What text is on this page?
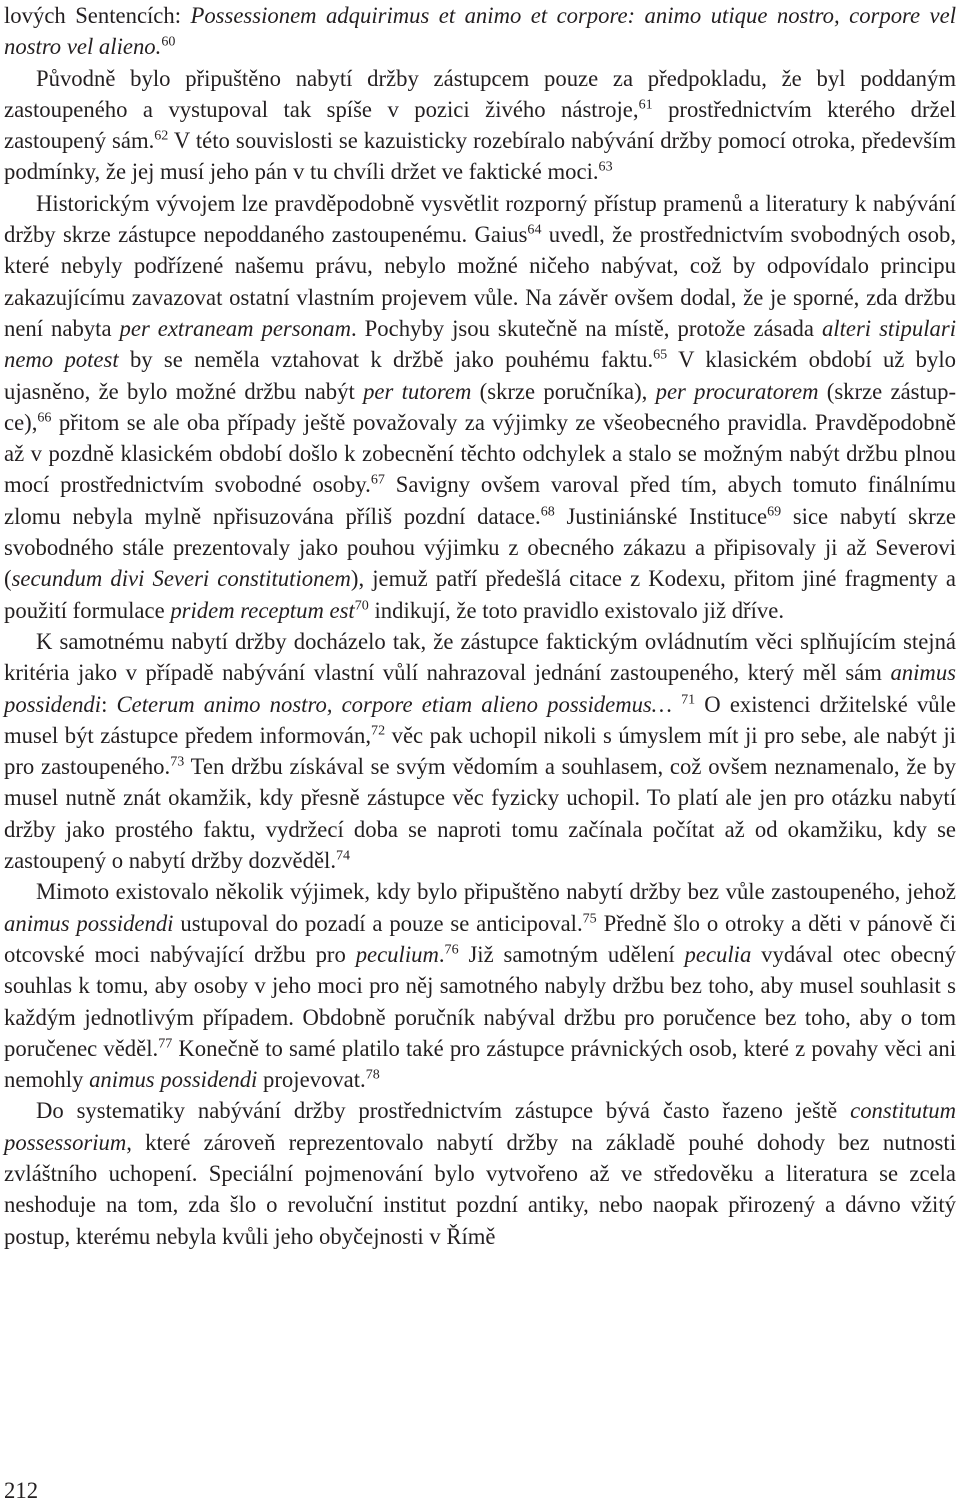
lových Sentencích: Possessionem adquirimus et animo et corpore: animo utique nostro, corpore vel nostro vel alieno.$^{60}$

Původně bylo připuštěno nabytí držby zástupcem pouze za předpokladu, že byl poddaným zastoupeného a vystupoval tak spíše v pozici živého nástroje,$^{61}$ prostřednictvím kterého držel zastoupený sám.$^{62}$ V této souvislosti se kazuisticky rozebíralo nabývání držby pomocí otroka, především podmínky, že jej musí jeho pán v tu chvíli držet ve faktické moci.$^{63}$

Historickým vývojem lze pravděpodobně vysvětlit rozporný přístup pramenů a literatury k nabývání držby skrze zástupce nepoddaného zastoupenému. Gaius$^{64}$ uvedl, že prostřednictvím svobodných osob, které nebyly podřízené našemu právu, nebylo možné ničeho nabývat, což by odpovídalo principu zakazujícímu zavazovat ostatní vlastním projevem vůle. Na závěr ovšem dodal, že je sporné, zda držbu není nabyta per extraneam personam. Pochyby jsou skutečně na místě, protože zásada alteri stipulari nemo potest by se neměla vztahovat k držbě jako pouhému faktu.$^{65}$ V klasickém období už bylo ujasněno, že bylo možné držbu nabýt per tutorem (skrze poručníka), per procuratorem (skrze zástupce),$^{66}$ přitom se ale oba případy ještě považovaly za výjimky ze všeobecného pravidla. Pravděpodobně až v pozdně klasickém období došlo k zobecnění těchto odchylek a stalo se možným nabýt držbu plnou mocí prostřednictvím svobodné osoby.$^{67}$ Savigny ovšem varoval před tím, abych tomuto finálnímu zlomu nebyla mylně npřisuzována příliš pozdní datace.$^{68}$ Justiniánské Instituce$^{69}$ sice nabytí skrze svobodného stále prezentovaly jako pouhou výjimku z obecného zákazu a připisovaly ji až Severovi (secundum divi Severi constitutionem), jemuž patří předešlá citace z Kodexu, přitom jiné fragmenty a použití formulace pridem receptum est$^{70}$ indikují, že toto pravidlo existovalo již dříve.

K samotnému nabytí držby docházelo tak, že zástupce faktickým ovládnutím věci splňujícím stejná kritéria jako v případě nabývání vlastní vůlí nahrazoval jednání zastoupeného, který měl sám animus possidendi: Ceterum animo nostro, corpore etiam alieno possidemus… $^{71}$ O existenci držitelské vůle musel být zástupce předem informován,$^{72}$ věc pak uchopil nikoli s úmyslem mít ji pro sebe, ale nabýt ji pro zastoupeného.$^{73}$ Ten držbu získával se svým vědomím a souhlasem, což ovšem neznamenalo, že by musel nutně znát okamžik, kdy přesně zástupce věc fyzicky uchopil. To platí ale jen pro otázku nabytí držby jako prostého faktu, vydržecí doba se naproti tomu začínala počítat až od okamžiku, kdy se zastoupený o nabytí držby dozvěděl.$^{74}$

Mimoto existovalo několik výjimek, kdy bylo připuštěno nabytí držby bez vůle zastoupeného, jehož animus possidendi ustupoval do pozadí a pouze se anticipoval.$^{75}$ Předně šlo o otroky a děti v pánově či otcovské moci nabývající držbu pro peculium.$^{76}$ Již samotným udělení peculia vydával otec obecný souhlas k tomu, aby osoby v jeho moci pro něj samotného nabyly držbu bez toho, aby musel souhlasit s každým jednotlivým případem. Obdobně poručník nabýval držbu pro poručence bez toho, aby o tom poručenec věděl.$^{77}$ Konečně to samé platilo také pro zástupce právnických osob, které z povahy věci ani nemohly animus possidendi projevovat.$^{78}$

Do systematiky nabývání držby prostřednictvím zástupce bývá často řazeno ještě constitutum possessorium, které zároveň reprezentovalo nabytí držby na základě pouhé dohody bez nutnosti zvláštního uchopení. Speciální pojmenování bylo vytvořeno až ve středověku a literatura se zcela neshoduje na tom, zda šlo o revoluční institut pozdní antiky, nebo naopak přirozený a dávno vžitý postup, kterému nebyla kvůli jeho obyčejnosti v Římě

212
